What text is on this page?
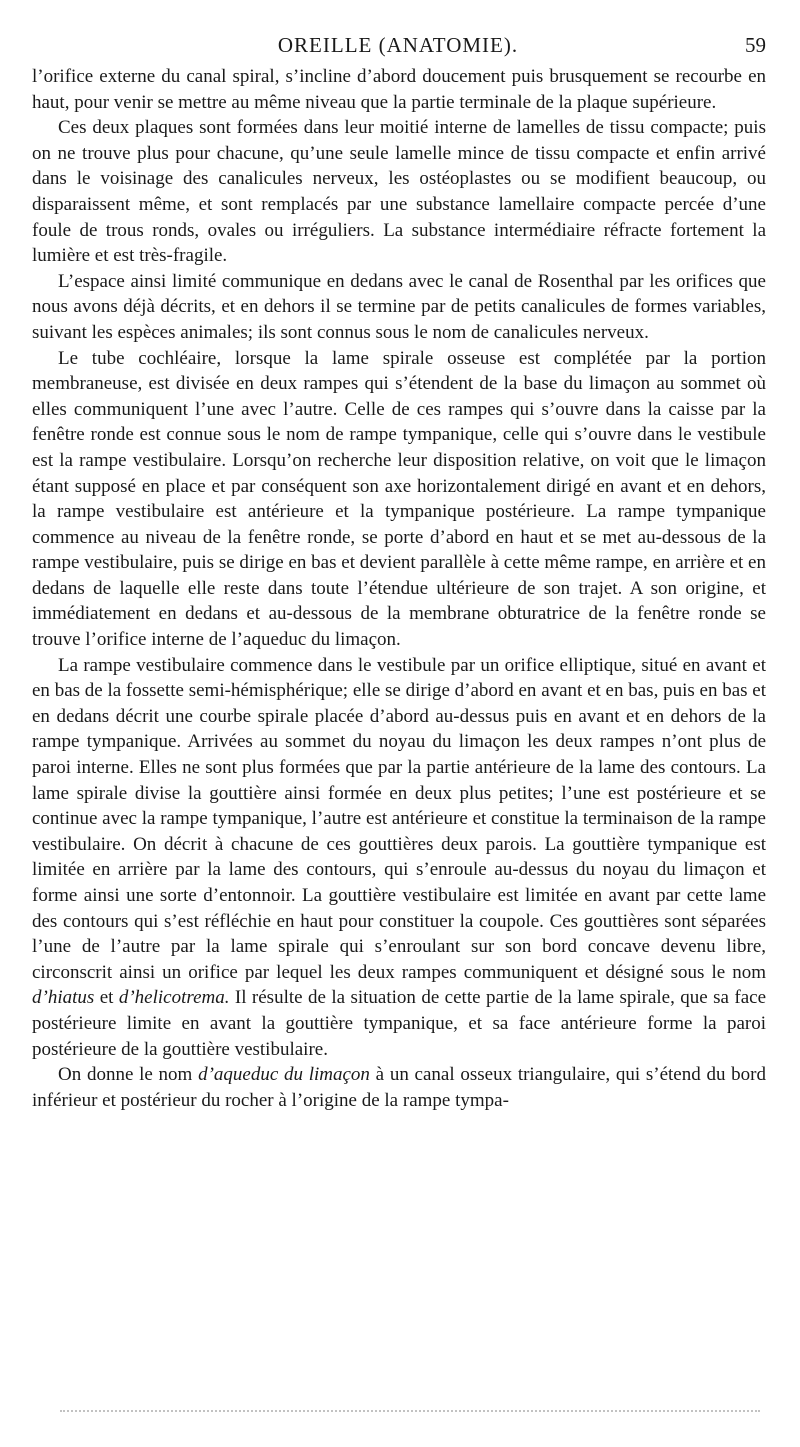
OREILLE (ANATOMIE).	59

l’orifice externe du canal spiral, s’incline d’abord doucement puis brusquement se recourbe en haut, pour venir se mettre au même niveau que la partie terminale de la plaque supérieure.

Ces deux plaques sont formées dans leur moitié interne de lamelles de tissu compacte; puis on ne trouve plus pour chacune, qu’une seule lamelle mince de tissu compacte et enfin arrivé dans le voisinage des canalicules nerveux, les ostéoplastes ou se modifient beaucoup, ou disparaissent même, et sont remplacés par une substance lamellaire compacte percée d’une foule de trous ronds, ovales ou irréguliers. La substance intermédiaire réfracte fortement la lumière et est très-fragile.

L’espace ainsi limité communique en dedans avec le canal de Rosenthal par les orifices que nous avons déjà décrits, et en dehors il se termine par de petits canalicules de formes variables, suivant les espèces animales; ils sont connus sous le nom de canalicules nerveux.

Le tube cochléaire, lorsque la lame spirale osseuse est complétée par la portion membraneuse, est divisée en deux rampes qui s’étendent de la base du limaçon au sommet où elles communiquent l’une avec l’autre. Celle de ces rampes qui s’ouvre dans la caisse par la fenêtre ronde est connue sous le nom de rampe tympanique, celle qui s’ouvre dans le vestibule est la rampe vestibulaire. Lorsqu’on recherche leur disposition relative, on voit que le limaçon étant supposé en place et par conséquent son axe horizontalement dirigé en avant et en dehors, la rampe vestibulaire est antérieure et la tympanique postérieure. La rampe tympanique commence au niveau de la fenêtre ronde, se porte d’abord en haut et se met au-dessous de la rampe vestibulaire, puis se dirige en bas et devient parallèle à cette même rampe, en arrière et en dedans de laquelle elle reste dans toute l’étendue ultérieure de son trajet. A son origine, et immédiatement en dedans et au-dessous de la membrane obturatrice de la fenêtre ronde se trouve l’orifice interne de l’aqueduc du limaçon.

La rampe vestibulaire commence dans le vestibule par un orifice elliptique, situé en avant et en bas de la fossette semi-hémisphérique; elle se dirige d’abord en avant et en bas, puis en bas et en dedans décrit une courbe spirale placée d’abord au-dessus puis en avant et en dehors de la rampe tympanique. Arrivées au sommet du noyau du limaçon les deux rampes n’ont plus de paroi interne. Elles ne sont plus formées que par la partie antérieure de la lame des contours. La lame spirale divise la gouttière ainsi formée en deux plus petites; l’une est postérieure et se continue avec la rampe tympanique, l’autre est antérieure et constitue la terminaison de la rampe vestibulaire. On décrit à chacune de ces gouttières deux parois. La gouttière tympanique est limitée en arrière par la lame des contours, qui s’enroule au-dessus du noyau du limaçon et forme ainsi une sorte d’entonnoir. La gouttière vestibulaire est limitée en avant par cette lame des contours qui s’est réfléchie en haut pour constituer la coupole. Ces gouttières sont séparées l’une de l’autre par la lame spirale qui s’enroulant sur son bord concave devenu libre, circonscrit ainsi un orifice par lequel les deux rampes communiquent et désigné sous le nom d’hiatus et d’helicotrema. Il résulte de la situation de cette partie de la lame spirale, que sa face postérieure limite en avant la gouttière tympanique, et sa face antérieure forme la paroi postérieure de la gouttière vestibulaire.

On donne le nom d’aqueduc du limaçon à un canal osseux triangulaire, qui s’étend du bord inférieur et postérieur du rocher à l’origine de la rampe tympa-
